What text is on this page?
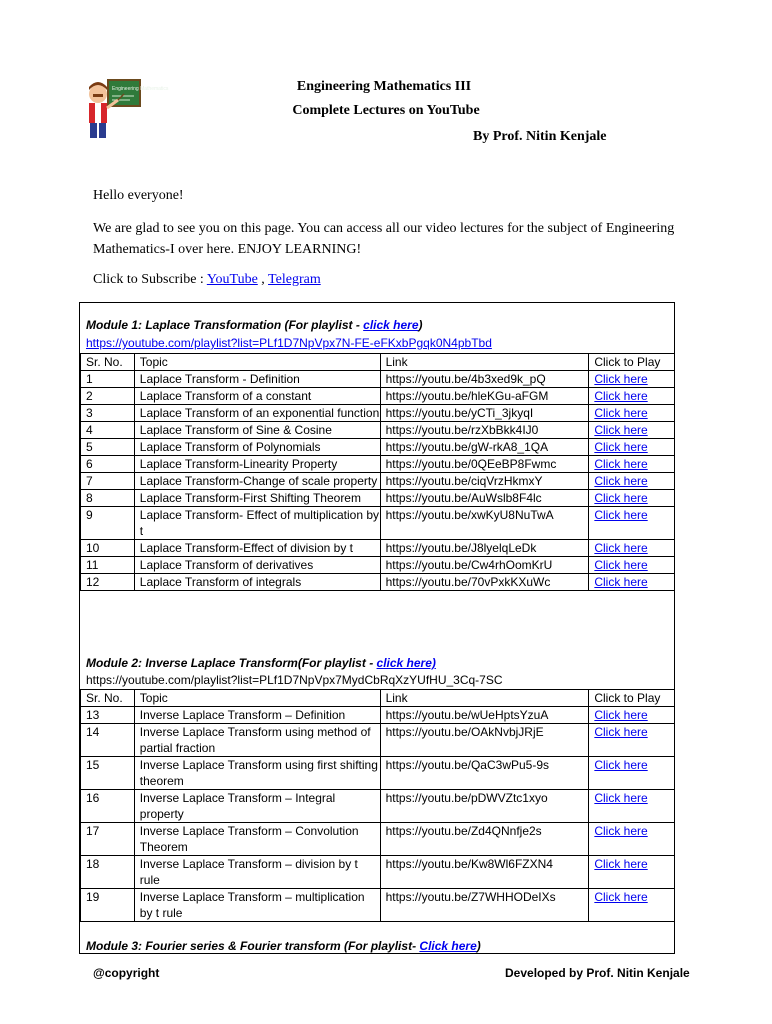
Engineering Mathematics	Engineering Mathematics III
Complete Lectures on YouTube
By Prof. Nitin Kenjale
Hello everyone!
We are glad to see you on this page. You can access all our video lectures for the subject of Engineering Mathematics-I over here. ENJOY LEARNING!
Click to Subscribe : YouTube , Telegram
Module 1: Laplace Transformation (For playlist - click here)
https://youtube.com/playlist?list=PLf1D7NpVpx7N-FE-eFKxbPgqk0N4pbTbd
Sr. No.	Topic	Link	Click to Play
1	Laplace Transform - Definition	https://youtu.be/4b3xed9k_pQ	Click here
2	Laplace Transform of a constant	https://youtu.be/hleKGu-aFGM	Click here
3	Laplace Transform of an exponential function	https://youtu.be/yCTi_3jkyqI	Click here
4	Laplace Transform of Sine & Cosine	https://youtu.be/rzXbBkk4IJ0	Click here
5	Laplace Transform of Polynomials	https://youtu.be/gW-rkA8_1QA	Click here
6	Laplace Transform-Linearity Property	https://youtu.be/0QEeBP8Fwmc	Click here
7	Laplace Transform-Change of scale property	https://youtu.be/ciqVrzHkmxY	Click here
8	Laplace Transform-First Shifting Theorem	https://youtu.be/AuWslb8F4lc	Click here
9	Laplace Transform- Effect of multiplication by t	https://youtu.be/xwKyU8NuTwA	Click here
10	Laplace Transform-Effect of division by t	https://youtu.be/J8lyelqLeDk	Click here
11	Laplace Transform of derivatives	https://youtu.be/Cw4rhOomKrU	Click here
12	Laplace Transform of integrals	https://youtu.be/70vPxkKXuWc	Click here
Module 2: Inverse Laplace Transform(For playlist - click here)
https://youtube.com/playlist?list=PLf1D7NpVpx7MydCbRqXzYUfHU_3Cq-7SC
Sr. No.	Topic	Link	Click to Play
13	Inverse Laplace Transform – Definition	https://youtu.be/wUeHptsYzuA	Click here
14	Inverse Laplace Transform using method of partial fraction	https://youtu.be/OAkNvbjJRjE	Click here
15	Inverse Laplace Transform using first shifting theorem	https://youtu.be/QaC3wPu5-9s	Click here
16	Inverse Laplace Transform – Integral property	https://youtu.be/pDWVZtc1xyo	Click here
17	Inverse Laplace Transform – Convolution Theorem	https://youtu.be/Zd4QNnfje2s	Click here
18	Inverse Laplace Transform – division by t rule	https://youtu.be/Kw8Wl6FZXN4	Click here
19	Inverse Laplace Transform – multiplication by t rule	https://youtu.be/Z7WHHODeIXs	Click here
Module 3: Fourier series & Fourier transform (For playlist- Click here)
@copyright	Developed by Prof. Nitin Kenjale
